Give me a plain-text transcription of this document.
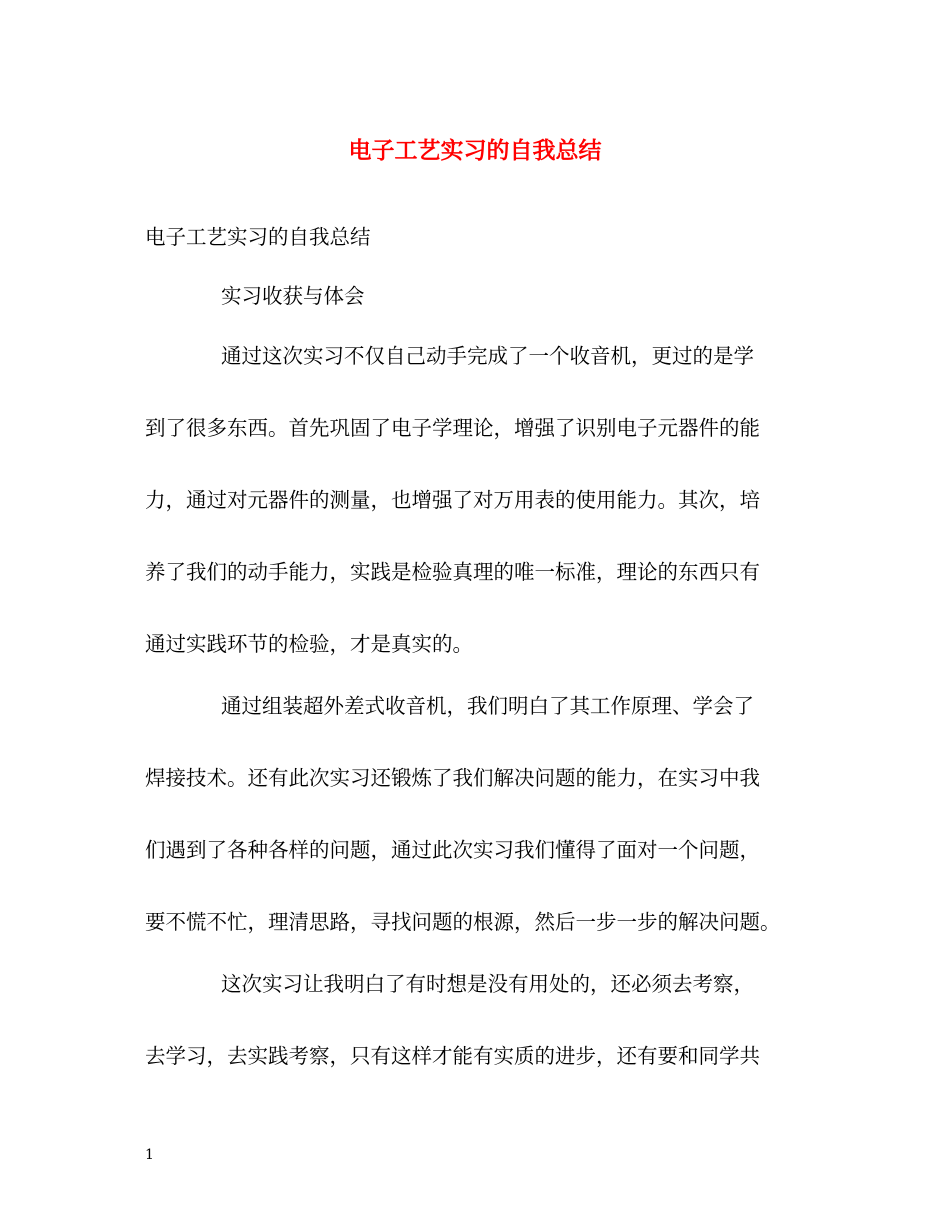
电子工艺实习的自我总结
电子工艺实习的自我总结
实习收获与体会
通过这次实习不仅自己动手完成了一个收音机，更过的是学
到了很多东西。首先巩固了电子学理论，增强了识别电子元器件的能
力，通过对元器件的测量，也增强了对万用表的使用能力。其次，培
养了我们的动手能力，实践是检验真理的唯一标准，理论的东西只有
通过实践环节的检验，才是真实的。
通过组装超外差式收音机，我们明白了其工作原理、学会了
焊接技术。还有此次实习还锻炼了我们解决问题的能力，在实习中我
们遇到了各种各样的问题，通过此次实习我们懂得了面对一个问题，
要不慌不忙，理清思路，寻找问题的根源，然后一步一步的解决问题。
这次实习让我明白了有时想是没有用处的，还必须去考察，
去学习，去实践考察，只有这样才能有实质的进步，还有要和同学共
1
